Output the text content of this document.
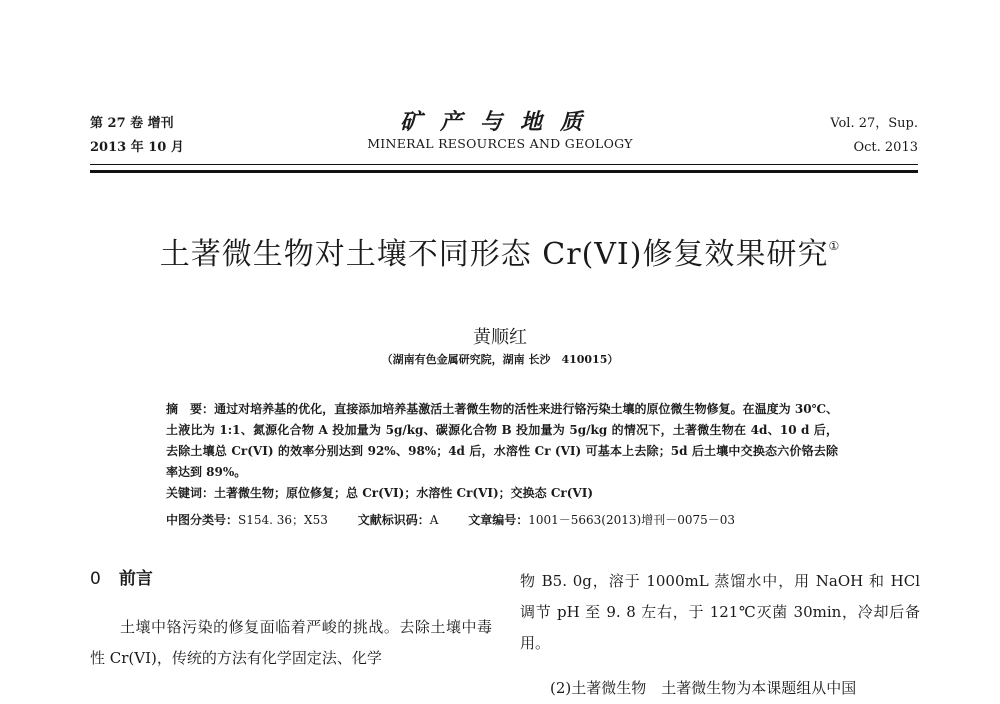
第 27 卷 增刊
2013 年 10 月
矿产与地质
MINERAL RESOURCES AND GEOLOGY
Vol. 27，Sup.
Oct. 2013
土著微生物对土壤不同形态 Cr(VI)修复效果研究①
黄顺红
（湖南有色金属研究院，湖南 长沙　410015）

摘　要：通过对培养基的优化，直接添加培养基激活土著微生物的活性来进行铬污染土壤的原位微生物修复。在温度为 30℃、土液比为 1:1、氮源化合物 A 投加量为 5g/kg、碳源化合物 B 投加量为 5g/kg 的情况下，土著微生物在 4d、10 d 后，去除土壤总 Cr(VI) 的效率分别达到 92%、98%；4d 后，水溶性 Cr (VI) 可基本上去除；5d 后土壤中交换态六价铬去除率达到 89%。

关键词：土著微生物；原位修复；总 Cr(VI)；水溶性 Cr(VI)；交换态 Cr(VI)

中图分类号：S154. 36；X53 文献标识码：A 文章编号：1001－5663(2013)增刊－0075－03
0 前言

土壤中铬污染的修复面临着严峻的挑战。去除土壤中毒性 Cr(VI)，传统的方法有化学固定法、化学

物 B5. 0g，溶于 1000mL 蒸馏水中，用 NaOH 和 HCl 调节 pH 至 9. 8 左右，于 121℃灭菌 30min，冷却后备用。

(2)土著微生物　土著微生物为本课题组从中国
